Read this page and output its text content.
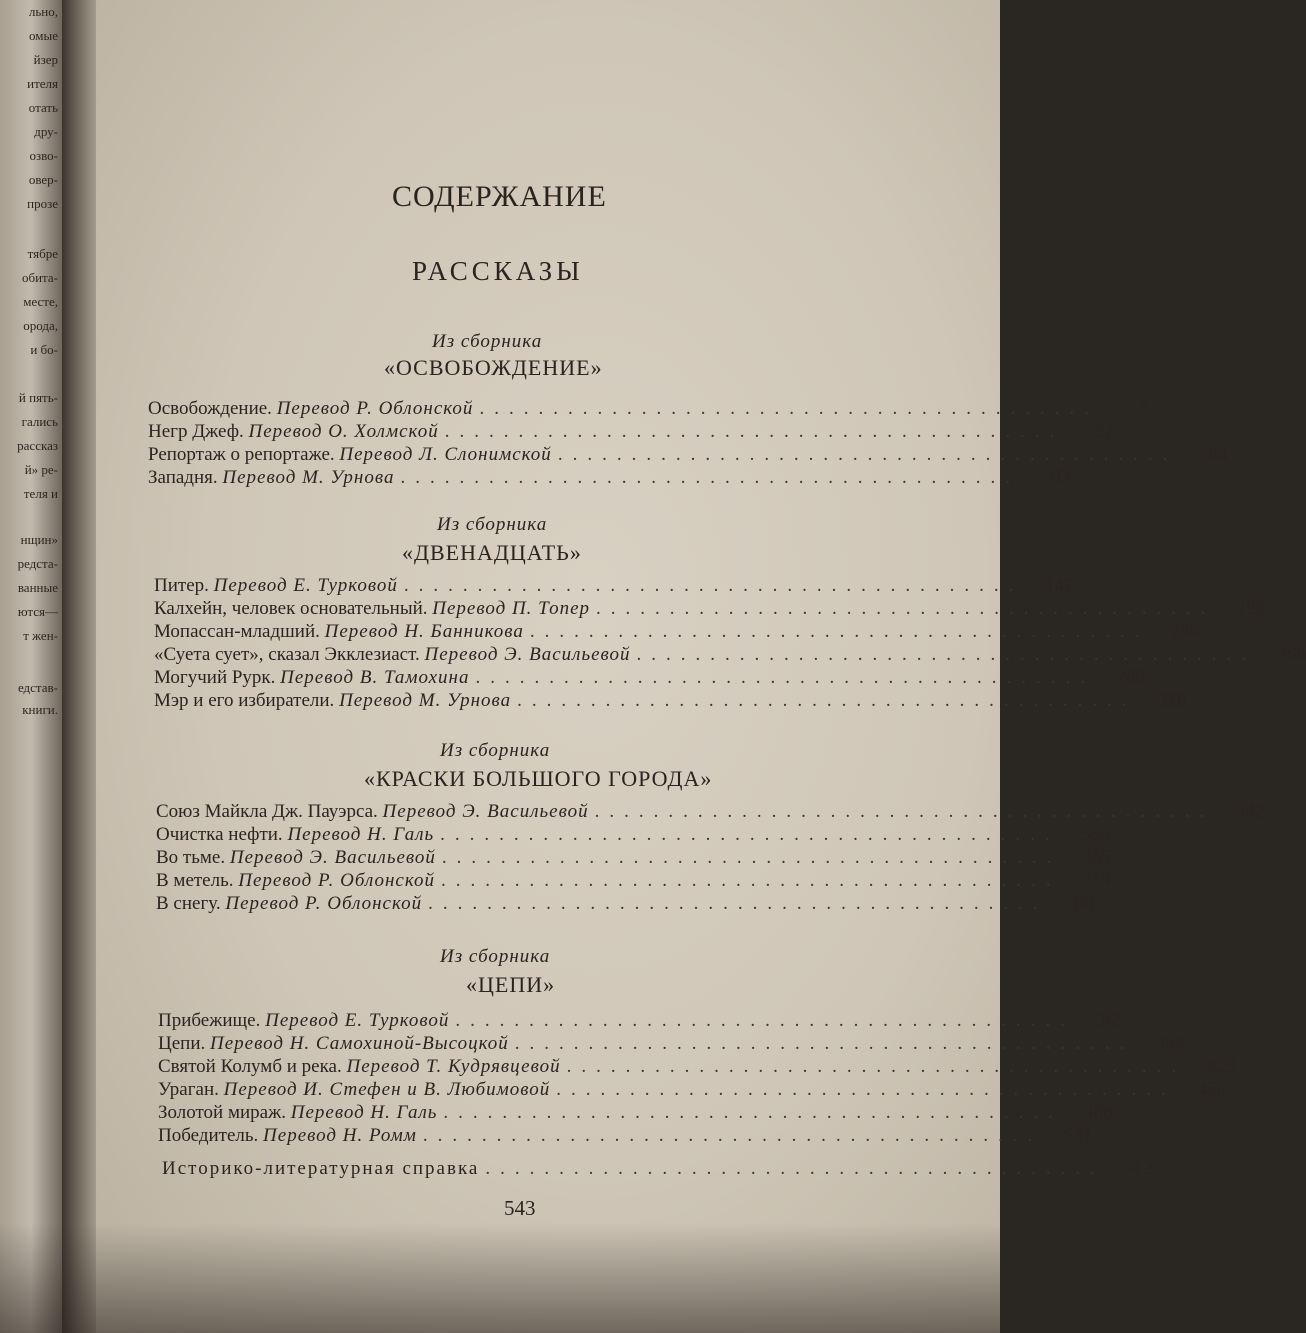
льно,
омые
йзер
ителя
отать
дру-
озво-
овер-
прозе
тябре
обита-
месте,
орода,
и бо-
й пять-
гались
рассказ
й» ре-
теля и
нщин»
редста-
ванные
ются—
т жен-
едстав-
книги.
СОДЕРЖАНИЕ
РАССКАЗЫ
Из сборника
«ОСВОБОЖДЕНИЕ»
Освобождение. Перевод Р. Облонской ..........................................	5
Негр Джеф. Перевод О. Холмской ..........................................	37
Репортаж о репортаже. Перевод Л. Слонимской ..........................................	64
Западня. Перевод М. Урнова ..........................................	93
Из сборника
«ДВЕНАДЦАТЬ»
Питер. Перевод Е. Турковой ..........................................	147
Калхейн, человек основательный. Перевод П. Топер ..........................................	190
Мопассан-младший. Перевод Н. Банникова ..........................................	236
«Суета сует», сказал Экклезиаст. Перевод Э. Васильевой ..........................................	266
Могучий Рурк. Перевод В. Тамохина ..........................................	289
Мэр и его избиратели. Перевод М. Урнова ..........................................	318
Из сборника
«КРАСКИ БОЛЬШОГО ГОРОДА»
Союз Майкла Дж. Пауэрса. Перевод Э. Васильевой ..........................................	342
Очистка нефти. Перевод Н. Галь ..........................................	350
Во тьме. Перевод Э. Васильевой ..........................................	355
В метель. Перевод Р. Облонской ..........................................	359
В снегу. Перевод Р. Облонской ..........................................	361
Из сборника
«ЦЕПИ»
Прибежище. Перевод Е. Турковой ..........................................	365
Цепи. Перевод Н. Самохиной-Высоцкой ..........................................	394
Святой Колумб и река. Перевод Т. Кудрявцевой ..........................................	423
Ураган. Перевод И. Стефен и В. Любимовой ..........................................	456
Золотой мираж. Перевод Н. Галь ..........................................	488
Победитель. Перевод Н. Ромм ..........................................	521
Историко-литературная справка .......................................... 542
543
